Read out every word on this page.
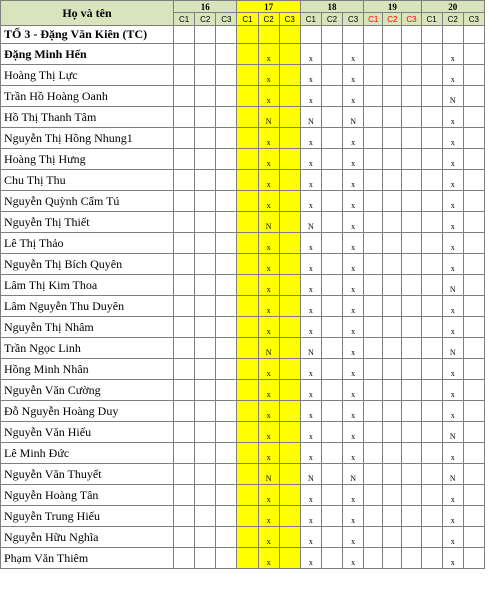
Họ và tên	16			17			18			19			20		
	C1	C2	C3	C1	C2	C3	C1	C2	C3	C1	C2	C3	C1	C2	C3
TỔ 3 - Đặng Văn Kiên (TC)															
Đặng Minh Hến					x		x		x					x	
Hoàng Thị Lực					x		x		x					x	
Trần Hồ Hoàng Oanh					x		x		x					N	
Hồ Thị Thanh Tâm					N		N		N					x	
Nguyễn Thị Hồng Nhung1					x		x		x					x	
Hoàng Thị Hưng					x		x		x					x	
Chu Thị Thu					x		x		x					x	
Nguyễn Quỳnh Cẩm Tú					x		x		x					x	
Nguyễn Thị Thiết					N		N		x					x	
Lê Thị Thảo					x		x		x					x	
Nguyễn Thị Bích Quyên					x		x		x					x	
Lâm Thị Kim Thoa					x		x		x					N	
Lâm Nguyễn Thu Duyên					x		x		x					x	
Nguyễn Thị Nhâm					x		x		x					x	
Trần Ngọc Linh					N		N		x					N	
Hồng Minh Nhân					x		x		x					x	
Nguyễn Văn Cường					x		x		x					x	
Đỗ Nguyễn Hoàng Duy					x		x		x					x	
Nguyễn Văn Hiếu					x		x		x					N	
Lê Minh Đức					x		x		x					x	
Nguyễn Văn Thuyết					N		N		N					N	
Nguyễn Hoàng Tân					x		x		x					x	
Nguyễn Trung Hiếu					x		x		x					x	
Nguyễn Hữu Nghĩa					x		x		x					x	
Phạm Văn Thiêm					x		x		x					x	
